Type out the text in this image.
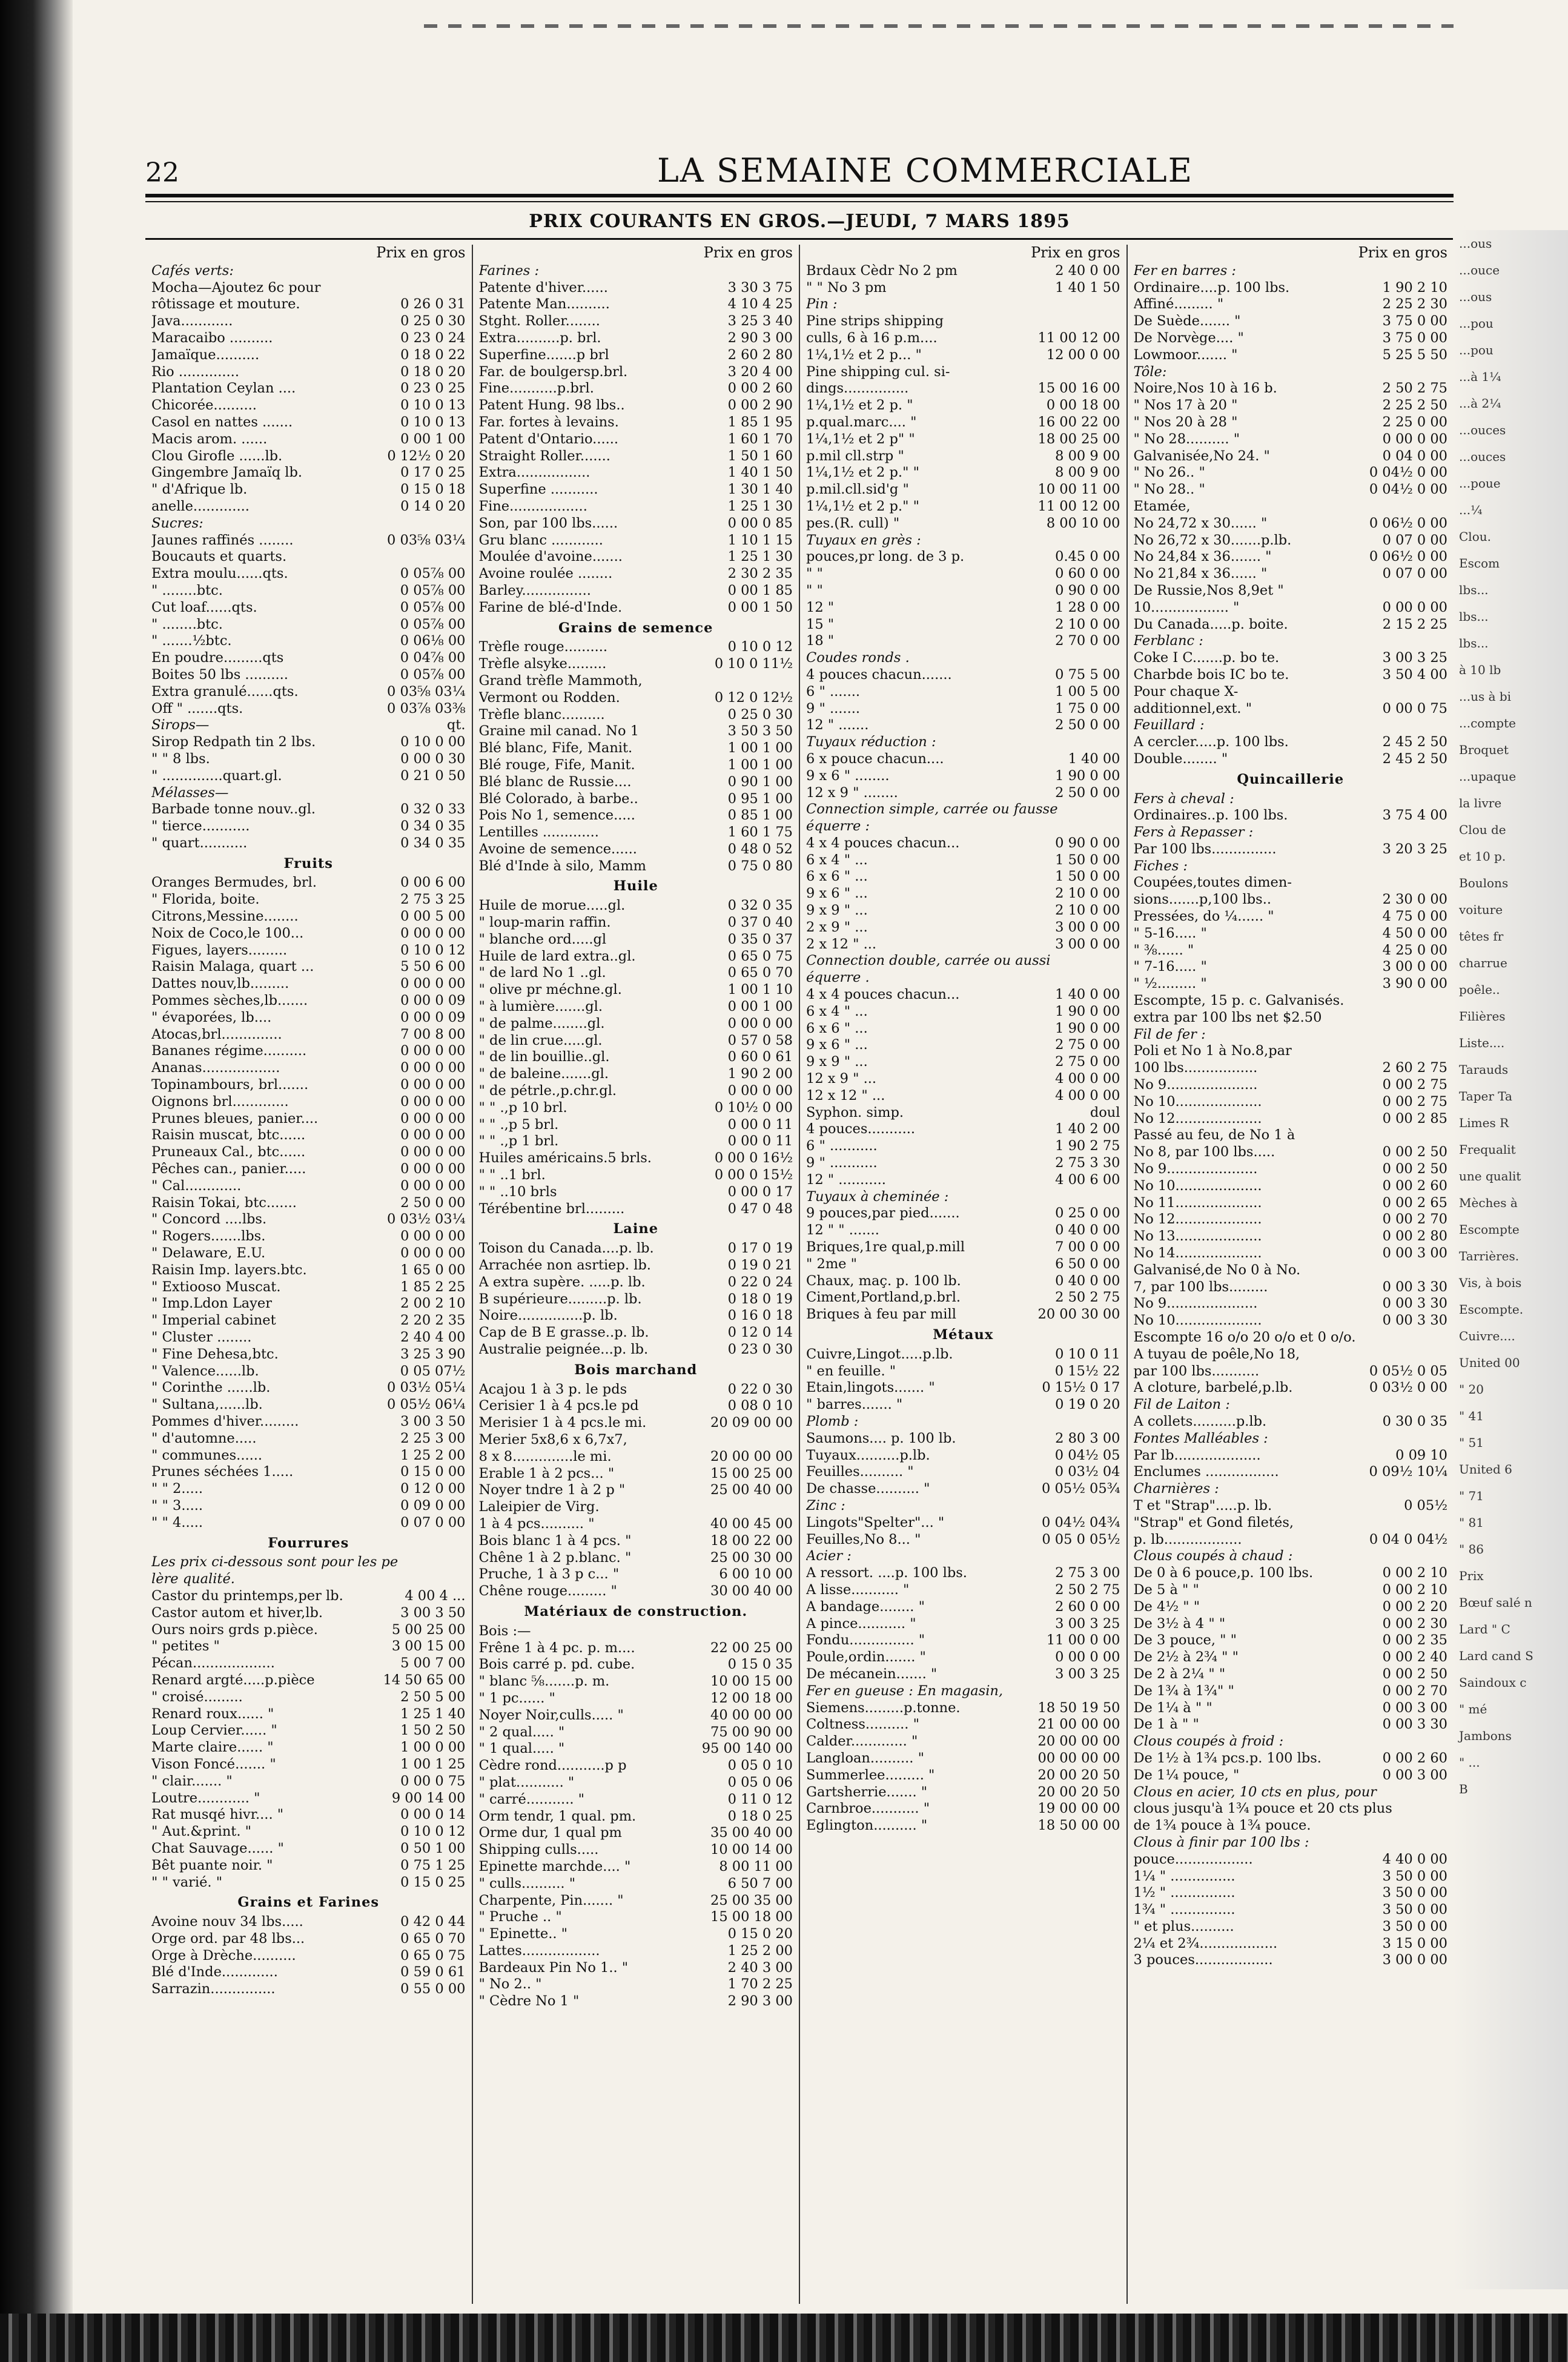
22	LA SEMAINE COMMERCIALE
PRIX COURANTS EN GROS.—JEUDI, 7 MARS 1895
Prix en gros
Cafés verts:
Mocha—Ajoutez 6c pour
rôtissage et mouture.	0 26 0 31
Java............	0 25 0 30
Maracaibo ..........	0 23 0 24
Jamaïque..........	0 18 0 22
Rio ..............	0 18 0 20
Plantation Ceylan ....	0 23 0 25
Chicorée..........	0 10 0 13
Casol en nattes .......	0 10 0 13
Macis arom. ......	0 00 1 00
Clou Girofle ......lb.	0 12½ 0 20
Gingembre Jamaïq lb.	0 17 0 25
" d'Afrique lb.	0 15 0 18
anelle.............	0 14 0 20
Sucres:
Jaunes raffinés ........	0 03⅝ 03¼
Boucauts et quarts.
Extra moulu......qts.	0 05⅞ 00
" ........btc.	0 05⅞ 00
Cut loaf......qts.	0 05⅞ 00
" ........btc.	0 05⅞ 00
" .......½btc.	0 06⅛ 00
En poudre.........qts	0 04⅞ 00
Boites 50 lbs ..........	0 05⅞ 00
Extra granulé......qts.	0 03⅝ 03¼
Off " .......qts.	0 03⅞ 03⅜
Sirops—	qt.
Sirop Redpath tin 2 lbs.	0 10 0 00
" " 8 lbs.	0 00 0 30
" ..............quart.gl.	0 21 0 50
Mélasses—
Barbade tonne nouv..gl.	0 32 0 33
" tierce...........	0 34 0 35
" quart...........	0 34 0 35
Fruits
Oranges Bermudes, brl.	0 00 6 00
" Florida, boite.	2 75 3 25
Citrons,Messine........	0 00 5 00
Noix de Coco,le 100...	0 00 0 00
Figues, layers.........	0 10 0 12
Raisin Malaga, quart ...	5 50 6 00
Dattes nouv,lb.........	0 00 0 00
Pommes sèches,lb.......	0 00 0 09
" évaporées, lb....	0 00 0 09
Atocas,brl..............	7 00 8 00
Bananes régime..........	0 00 0 00
Ananas..................	0 00 0 00
Topinambours, brl.......	0 00 0 00
Oignons brl.............	0 00 0 00
Prunes bleues, panier....	0 00 0 00
Raisin muscat, btc......	0 00 0 00
Pruneaux Cal., btc......	0 00 0 00
Pêches can., panier.....	0 00 0 00
" Cal.............	0 00 0 00
Raisin Tokai, btc.......	2 50 0 00
" Concord ....lbs.	0 03½ 03¼
" Rogers.......lbs.	0 00 0 00
" Delaware, E.U.	0 00 0 00
Raisin Imp. layers.btc.	1 65 0 00
" Extiooso Muscat.	1 85 2 25
" Imp.Ldon Layer	2 00 2 10
" Imperial cabinet	2 20 2 35
" Cluster ........	2 40 4 00
" Fine Dehesa,btc.	3 25 3 90
" Valence......lb.	0 05 07½
" Corinthe ......lb.	0 03½ 05¼
" Sultana,......lb.	0 05½ 06¼
Pommes d'hiver.........	3 00 3 50
" d'automne.....	2 25 3 00
" communes......	1 25 2 00
Prunes séchées 1.....	0 15 0 00
" " 2.....	0 12 0 00
" " 3.....	0 09 0 00
" " 4.....	0 07 0 00
Fourrures
Les prix ci-dessous sont pour les pe
lère qualité.
Castor du printemps,per lb.	4 00 4 ...
Castor autom et hiver,lb.	3 00 3 50
Ours noirs grds p.pièce.	5 00 25 00
" petites "	3 00 15 00
Pécan...................	5 00 7 00
Renard argté.....p.pièce	14 50 65 00
" croisé.........	2 50 5 00
Renard roux...... "	1 25 1 40
Loup Cervier...... "	1 50 2 50
Marte claire...... "	1 00 0 00
Vison Foncé....... "	1 00 1 25
" clair....... "	0 00 0 75
Loutre............ "	9 00 14 00
Rat musqé hivr.... "	0 00 0 14
" Aut.&print. "	0 10 0 12
Chat Sauvage...... "	0 50 1 00
Bêt puante noir. "	0 75 1 25
" " varié. "	0 15 0 25
Grains et Farines
Avoine nouv 34 lbs.....	0 42 0 44
Orge ord. par 48 lbs...	0 65 0 70
Orge à Drèche..........	0 65 0 75
Blé d'Inde.............	0 59 0 61
Sarrazin...............	0 55 0 00
Prix en gros
Farines :
Patente d'hiver......	3 30 3 75
Patente Man..........	4 10 4 25
Stght. Roller........	3 25 3 40
Extra..........p. brl.	2 90 3 00
Superfine.......p brl	2 60 2 80
Far. de boulgersp.brl.	3 20 4 00
Fine...........p.brl.	0 00 2 60
Patent Hung. 98 lbs..	0 00 2 90
Far. fortes à levains.	1 85 1 95
Patent d'Ontario......	1 60 1 70
Straight Roller.......	1 50 1 60
Extra.................	1 40 1 50
Superfine ...........	1 30 1 40
Fine..................	1 25 1 30
Son, par 100 lbs......	0 00 0 85
Gru blanc ............	1 10 1 15
Moulée d'avoine.......	1 25 1 30
Avoine roulée ........	2 30 2 35
Barley................	0 00 1 85
Farine de blé-d'Inde.	0 00 1 50
Grains de semence
Trèfle rouge..........	0 10 0 12
Trèfle alsyke.........	0 10 0 11½
Grand trèfle Mammoth,
Vermont ou Rodden.	0 12 0 12½
Trèfle blanc..........	0 25 0 30
Graine mil canad. No 1	3 50 3 50
Blé blanc, Fife, Manit.	1 00 1 00
Blé rouge, Fife, Manit.	1 00 1 00
Blé blanc de Russie....	0 90 1 00
Blé Colorado, à barbe..	0 95 1 00
Pois No 1, semence.....	0 85 1 00
Lentilles .............	1 60 1 75
Avoine de semence......	0 48 0 52
Blé d'Inde à silo, Mamm	0 75 0 80
Huile
Huile de morue.....gl.	0 32 0 35
" loup-marin raffin.	0 37 0 40
" blanche ord.....gl	0 35 0 37
Huile de lard extra..gl.	0 65 0 75
" de lard No 1 ..gl.	0 65 0 70
" olive pr méchne.gl.	1 00 1 10
" à lumière.......gl.	0 00 1 00
" de palme........gl.	0 00 0 00
" de lin crue.....gl.	0 57 0 58
" de lin bouillie..gl.	0 60 0 61
" de baleine.......gl.	1 90 2 00
" de pétrle.,p.chr.gl.	0 00 0 00
" " .,p 10 brl.	0 10½ 0 00
" " .,p 5 brl.	0 00 0 11
" " .,p 1 brl.	0 00 0 11
Huiles américains.5 brls.	0 00 0 16½
" " ..1 brl.	0 00 0 15½
" " ..10 brls	0 00 0 17
Térébentine brl.........	0 47 0 48
Laine
Toison du Canada....p. lb.	0 17 0 19
Arrachée non asrtiep. lb.	0 19 0 21
A extra supère. .....p. lb.	0 22 0 24
B supérieure.........p. lb.	0 18 0 19
Noire...............p. lb.	0 16 0 18
Cap de B E grasse..p. lb.	0 12 0 14
Australie peignée...p. lb.	0 23 0 30
Bois marchand
Acajou 1 à 3 p. le pds	0 22 0 30
Cerisier 1 à 4 pcs.le pd	0 08 0 10
Merisier 1 à 4 pcs.le mi.	20 09 00 00
Merier 5x8,6 x 6,7x7,
8 x 8..............le mi.	20 00 00 00
Erable 1 à 2 pcs... "	15 00 25 00
Noyer tndre 1 à 2 p "	25 00 40 00
Laleipier de Virg.
1 à 4 pcs.......... "	40 00 45 00
Bois blanc 1 à 4 pcs. "	18 00 22 00
Chêne 1 à 2 p.blanc. "	25 00 30 00
Pruche, 1 à 3 p c... "	6 00 10 00
Chêne rouge......... "	30 00 40 00
Matériaux de construction.
Bois :—
Frêne 1 à 4 pc. p. m....	22 00 25 00
Bois carré p. pd. cube.	0 15 0 35
" blanc ⅝.......p. m.	10 00 15 00
" 1 pc...... "	12 00 18 00
Noyer Noir,culls..... "	40 00 00 00
" 2 qual..... "	75 00 90 00
" 1 qual..... "	95 00 140 00
Cèdre rond...........p p	0 05 0 10
" plat........... "	0 05 0 06
" carré........... "	0 11 0 12
Orm tendr, 1 qual. pm.	0 18 0 25
Orme dur, 1 qual pm	35 00 40 00
Shipping culls.....	10 00 14 00
Epinette marchde.... "	8 00 11 00
" culls.......... "	6 50 7 00
Charpente, Pin....... "	25 00 35 00
" Pruche .. "	15 00 18 00
" Epinette.. "	0 15 0 20
Lattes..................	1 25 2 00
Bardeaux Pin No 1.. "	2 40 3 00
" No 2.. "	1 70 2 25
" Cèdre No 1 "	2 90 3 00
Prix en gros
Brdaux Cèdr No 2 pm	2 40 0 00
" " No 3 pm	1 40 1 50
Pin :
Pine strips shipping
culls, 6 à 16 p.m....	11 00 12 00
1¼,1½ et 2 p... "	12 00 0 00
Pine shipping cul. si-
dings...............	15 00 16 00
1¼,1½ et 2 p. "	0 00 18 00
p.qual.marc.... "	16 00 22 00
1¼,1½ et 2 p" "	18 00 25 00
p.mil cll.strp "	8 00 9 00
1¼,1½ et 2 p." "	8 00 9 00
p.mil.cll.sid'g "	10 00 11 00
1¼,1½ et 2 p." "	11 00 12 00
pes.(R. cull) "	8 00 10 00
Tuyaux en grès :
pouces,pr long. de 3 p.	0.45 0 00
" "	0 60 0 00
" "	0 90 0 00
12 "	1 28 0 00
15 "	2 10 0 00
18 "	2 70 0 00
Coudes ronds .
4 pouces chacun.......	0 75 5 00
6 " .......	1 00 5 00
9 " .......	1 75 0 00
12 " .......	2 50 0 00
Tuyaux réduction :
6 x pouce chacun....	1 40 00
9 x 6 " ........	1 90 0 00
12 x 9 " ........	2 50 0 00
Connection simple, carrée ou fausse
équerre :
4 x 4 pouces chacun...	0 90 0 00
6 x 4 " ...	1 50 0 00
6 x 6 " ...	1 50 0 00
9 x 6 " ...	2 10 0 00
9 x 9 " ...	2 10 0 00
2 x 9 " ...	3 00 0 00
2 x 12 " ...	3 00 0 00
Connection double, carrée ou aussi
équerre .
4 x 4 pouces chacun...	1 40 0 00
6 x 4 " ...	1 90 0 00
6 x 6 " ...	1 90 0 00
9 x 6 " ...	2 75 0 00
9 x 9 " ...	2 75 0 00
12 x 9 " ...	4 00 0 00
12 x 12 " ...	4 00 0 00
Syphon. simp.	doul
4 pouces...........	1 40 2 00
6 " ...........	1 90 2 75
9 " ...........	2 75 3 30
12 " ...........	4 00 6 00
Tuyaux à cheminée :
9 pouces,par pied.......	0 25 0 00
12 " " .......	0 40 0 00
Briques,1re qual,p.mill	7 00 0 00
" 2me "	6 50 0 00
Chaux, maç. p. 100 lb.	0 40 0 00
Ciment,Portland,p.brl.	2 50 2 75
Briques à feu par mill	20 00 30 00
Métaux
Cuivre,Lingot.....p.lb.	0 10 0 11
" en feuille. "	0 15½ 22
Etain,lingots....... "	0 15½ 0 17
" barres....... "	0 19 0 20
Plomb :
Saumons.... p. 100 lb.	2 80 3 00
Tuyaux..........p.lb.	0 04½ 05
Feuilles.......... "	0 03½ 04
De chasse.......... "	0 05½ 05¾
Zinc :
Lingots"Spelter"... "	0 04½ 04¾
Feuilles,No 8... "	0 05 0 05½
Acier :
A ressort. ....p. 100 lbs.	2 75 3 00
A lisse........... "	2 50 2 75
A bandage........ "	2 60 0 00
A pince........... "	3 00 3 25
Fondu............... "	11 00 0 00
Poule,ordin....... "	0 00 0 00
De mécanein....... "	3 00 3 25
Fer en gueuse : En magasin,
Siemens.........p.tonne.	18 50 19 50
Coltness.......... "	21 00 00 00
Calder............. "	20 00 00 00
Langloan.......... "	00 00 00 00
Summerlee......... "	20 00 20 50
Gartsherrie....... "	20 00 20 50
Carnbroe........... "	19 00 00 00
Eglington.......... "	18 50 00 00
Prix en gros
Fer en barres :
Ordinaire....p. 100 lbs.	1 90 2 10
Affiné......... "	2 25 2 30
De Suède....... "	3 75 0 00
De Norvège.... "	3 75 0 00
Lowmoor....... "	5 25 5 50
Tôle:
Noire,Nos 10 à 16 b.	2 50 2 75
" Nos 17 à 20 "	2 25 2 50
" Nos 20 à 28 "	2 25 0 00
" No 28.......... "	0 00 0 00
Galvanisée,No 24. "	0 04 0 00
" No 26.. "	0 04½ 0 00
" No 28.. "	0 04½ 0 00
Etamée,
No 24,72 x 30...... "	0 06½ 0 00
No 26,72 x 30.......p.lb.	0 07 0 00
No 24,84 x 36....... "	0 06½ 0 00
No 21,84 x 36...... "	0 07 0 00
De Russie,Nos 8,9et "
10.................. "	0 00 0 00
Du Canada.....p. boite.	2 15 2 25
Ferblanc :
Coke I C.......p. bo te.	3 00 3 25
Charbde bois IC bo te.	3 50 4 00
Pour chaque X-
additionnel,ext. "	0 00 0 75
Feuillard :
A cercler.....p. 100 lbs.	2 45 2 50
Double........ "	2 45 2 50
Quincaillerie
Fers à cheval :
Ordinaires..p. 100 lbs.	3 75 4 00
Fers à Repasser :
Par 100 lbs...............	3 20 3 25
Fiches :
Coupées,toutes dimen-
sions.......p,100 lbs..	2 30 0 00
Pressées, do ¼...... "	4 75 0 00
" 5-16..... "	4 50 0 00
" ⅜...... "	4 25 0 00
" 7-16..... "	3 00 0 00
" ½......... "	3 90 0 00
Escompte, 15 p. c. Galvanisés.
extra par 100 lbs net $2.50
Fil de fer :
Poli et No 1 à No.8,par
100 lbs.................	2 60 2 75
No 9.....................	0 00 2 75
No 10....................	0 00 2 75
No 12....................	0 00 2 85
Passé au feu, de No 1 à
No 8, par 100 lbs.....	0 00 2 50
No 9.....................	0 00 2 50
No 10....................	0 00 2 60
No 11....................	0 00 2 65
No 12....................	0 00 2 70
No 13....................	0 00 2 80
No 14....................	0 00 3 00
Galvanisé,de No 0 à No.
7, par 100 lbs.........	0 00 3 30
No 9.....................	0 00 3 30
No 10....................	0 00 3 30
Escompte 16 o/o 20 o/o et 0 o/o.
A tuyau de poêle,No 18,
par 100 lbs...........	0 05½ 0 05
A cloture, barbelé,p.lb.	0 03½ 0 00
Fil de Laiton :
A collets..........p.lb.	0 30 0 35
Fontes Malléables :
Par lb....................	0 09 10
Enclumes .................	0 09½ 10¼
Charnières :
T et "Strap".....p. lb.	0 05½
"Strap" et Gond filetés,
p. lb..................	0 04 0 04½
Clous coupés à chaud :
De 0 à 6 pouce,p. 100 lbs.	0 00 2 10
De 5 à " "	0 00 2 10
De 4½ " "	0 00 2 20
De 3½ à 4 " "	0 00 2 30
De 3 pouce, " "	0 00 2 35
De 2½ à 2¾ " "	0 00 2 40
De 2 à 2¼ " "	0 00 2 50
De 1¾ à 1¾" "	0 00 2 70
De 1¼ à " "	0 00 3 00
De 1 à " "	0 00 3 30
Clous coupés à froid :
De 1½ à 1¾ pcs.p. 100 lbs.	0 00 2 60
De 1¼ pouce, "	0 00 3 00
Clous en acier, 10 cts en plus, pour
clous jusqu'à 1¾ pouce et 20 cts plus
de 1¾ pouce à 1¾ pouce.
Clous à finir par 100 lbs :
pouce..................	4 40 0 00
1¼ " ...............	3 50 0 00
1½ " ...............	3 50 0 00
1¾ " ...............	3 50 0 00
" et plus..........	3 50 0 00
2¼ et 2¾..................	3 15 0 00
3 pouces..................	3 00 0 00
...ous
...ouce
...ous
...pou
...pou
...à 1¼
...à 2¼
...ouces
...ouces
...poue
...¼
Clou.
Escom
lbs...
lbs...
lbs...
à 10 lb
...us à bi
...compte
Broquet
...upaque
la livre
Clou de
et 10 p.
Boulons
voiture
têtes fr
charrue
poêle..
Filières
Liste....
Tarauds
Taper Ta
Limes R
Frequalit
une qualit
Mèches à
Escompte
Tarrières.
Vis, à bois
Escompte.
Cuivre....
United 00
" 20
" 41
" 51
United 6
" 71
" 81
" 86
Prix
Bœuf salé n
Lard " C
Lard cand S
Saindoux c
" mé
Jambons
" ...
B
